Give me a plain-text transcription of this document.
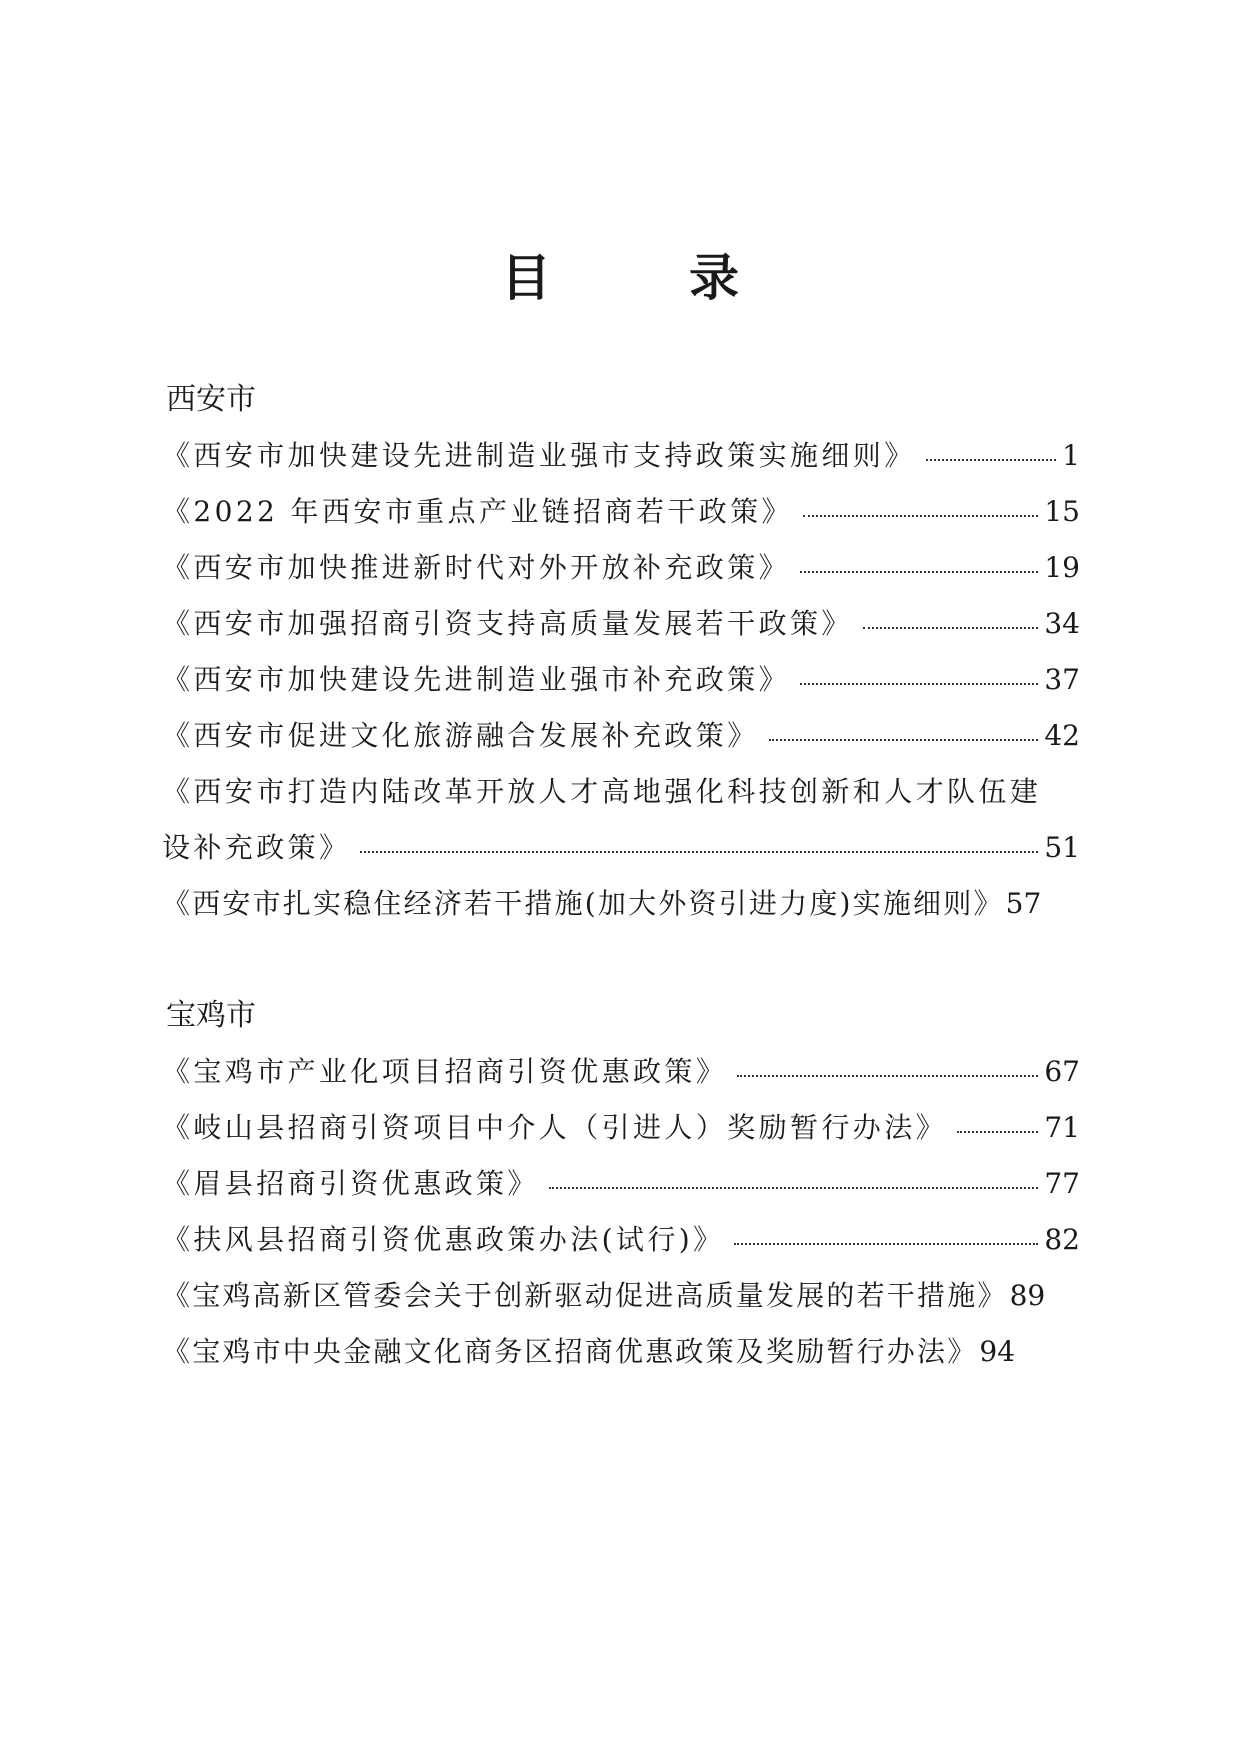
目　录
西安市
《西安市加快建设先进制造业强市支持政策实施细则》	1
《2022 年西安市重点产业链招商若干政策》	15
《西安市加快推进新时代对外开放补充政策》	19
《西安市加强招商引资支持高质量发展若干政策》	34
《西安市加快建设先进制造业强市补充政策》	37
《西安市促进文化旅游融合发展补充政策》	42
《西安市打造内陆改革开放人才高地强化科技创新和人才队伍建
设补充政策》	51
《西安市扎实稳住经济若干措施(加大外资引进力度)实施细则》 57
宝鸡市
《宝鸡市产业化项目招商引资优惠政策》	67
《岐山县招商引资项目中介人（引进人）奖励暂行办法》	71
《眉县招商引资优惠政策》	77
《扶风县招商引资优惠政策办法(试行)》	82
《宝鸡高新区管委会关于创新驱动促进高质量发展的若干措施》 89
《宝鸡市中央金融文化商务区招商优惠政策及奖励暂行办法》 94
